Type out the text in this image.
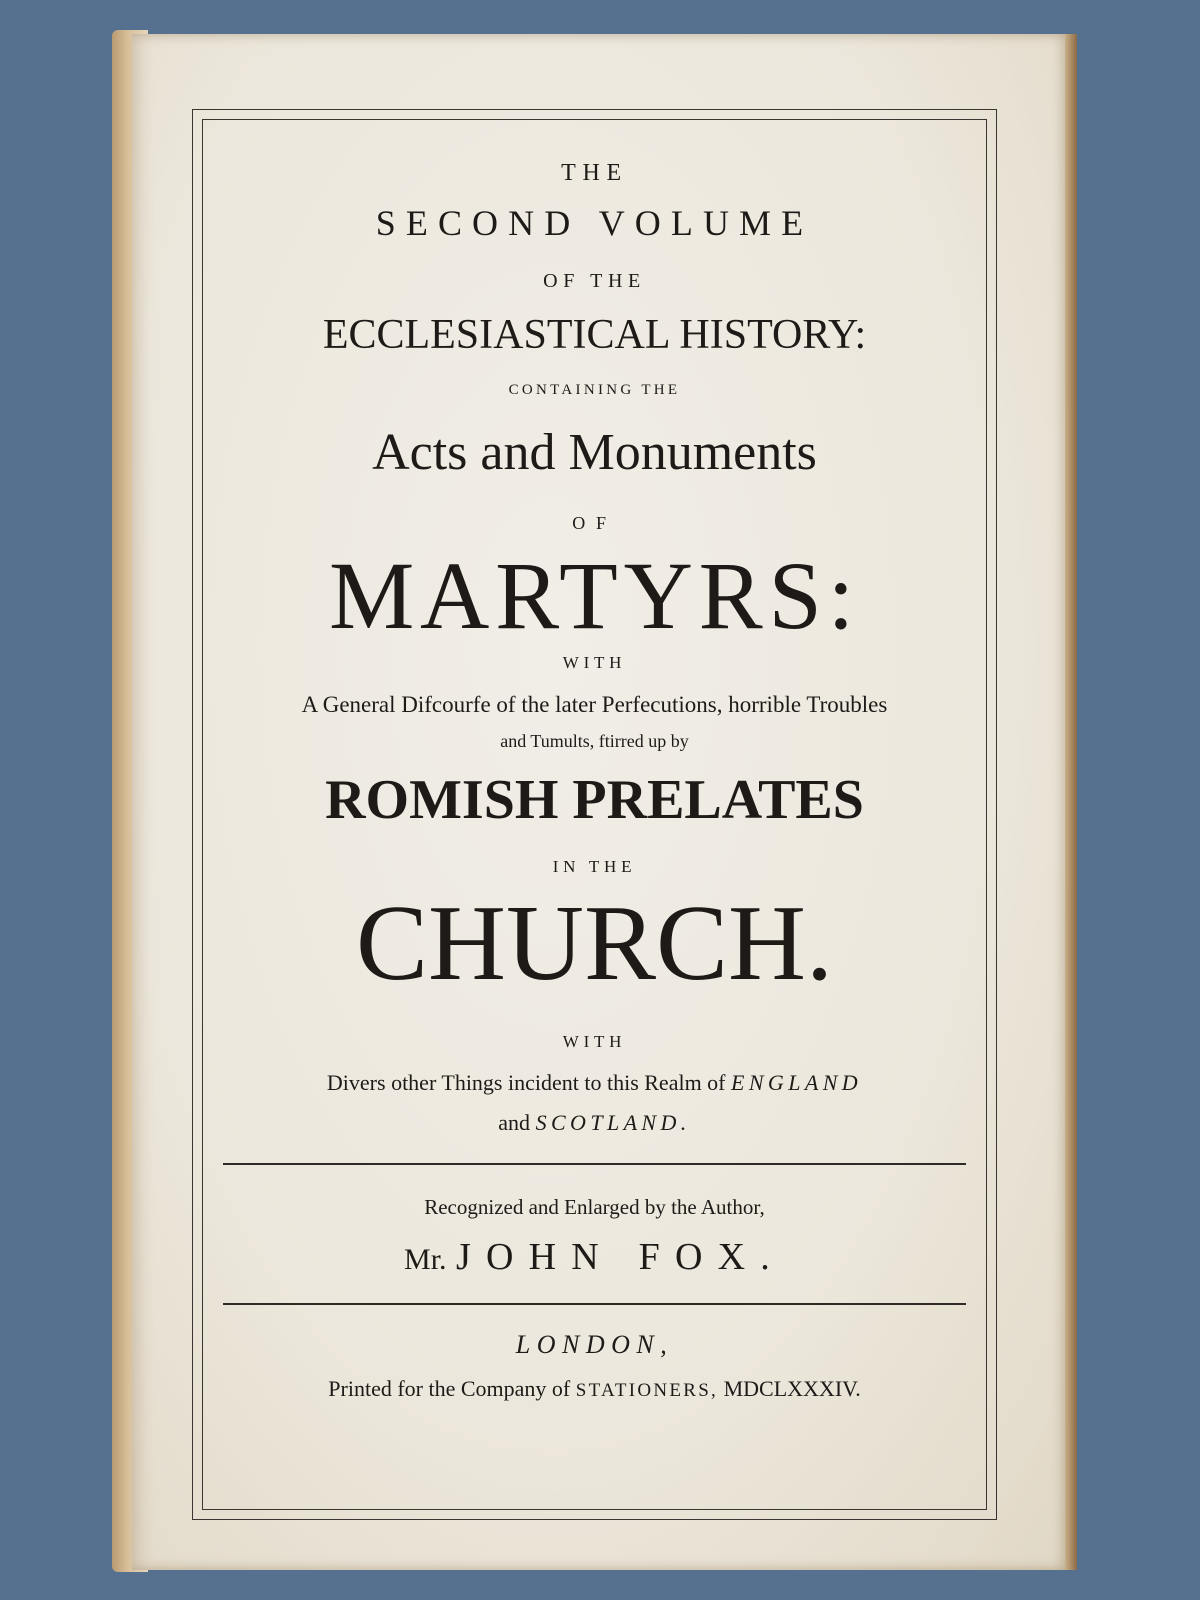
THE
SECOND VOLUME
OF THE
ECCLESIASTICAL HISTORY:
CONTAINING THE
Acts and Monuments
OF
MARTYRS:
WITH
A General Difcourfe of the later Perfecutions, horrible Troubles
and Tumults, ftirred up by
ROMISH PRELATES
IN THE
CHURCH.
WITH
Divers other Things incident to this Realm of ENGLAND
and SCOTLAND.
Recognized and Enlarged by the Author,
Mr. JOHN FOX.
LONDON,
Printed for the Company of STATIONERS, MDCLXXXIV.
